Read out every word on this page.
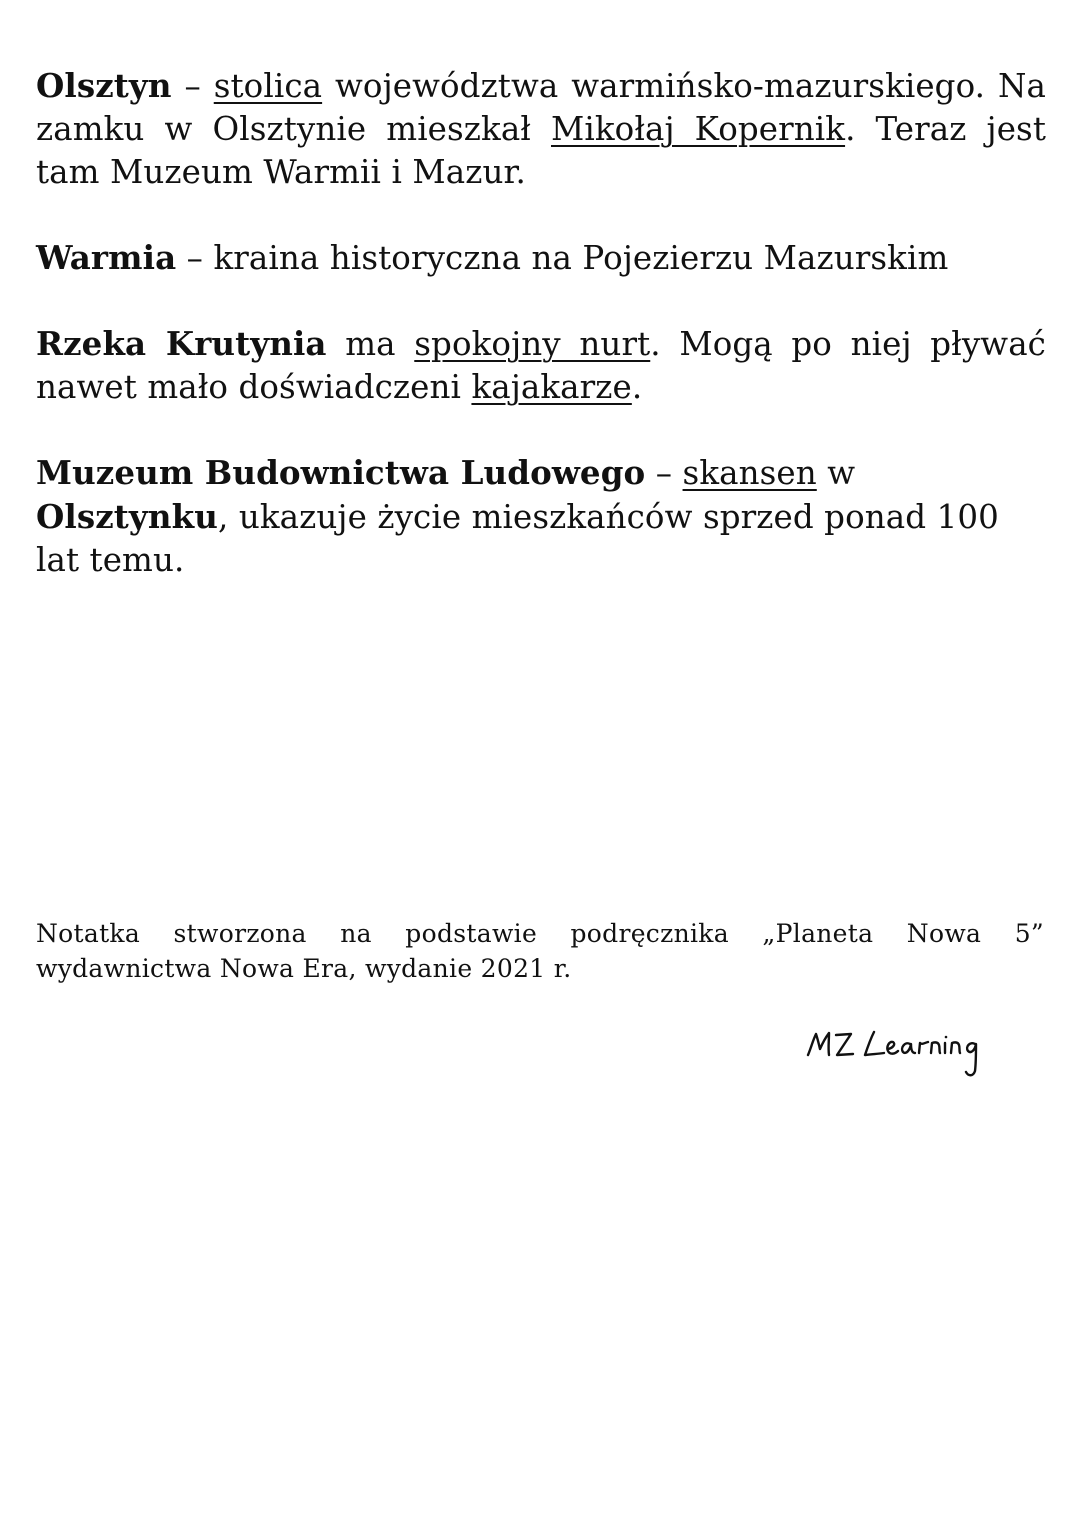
Olsztyn – stolica województwa warmińsko-mazurskiego. Na zamku w Olsztynie mieszkał Mikołaj Kopernik. Teraz jest tam Muzeum Warmii i Mazur.

Warmia – kraina historyczna na Pojezierzu Mazurskim

Rzeka Krutynia ma spokojny nurt. Mogą po niej pływać nawet mało doświadczeni kajakarze.

Muzeum Budownictwa Ludowego – skansen w Olsztynku, ukazuje życie mieszkańców sprzed ponad 100 lat temu.

Notatka stworzona na podstawie podręcznika „Planeta Nowa 5”
wydawnictwa Nowa Era, wydanie 2021 r.
